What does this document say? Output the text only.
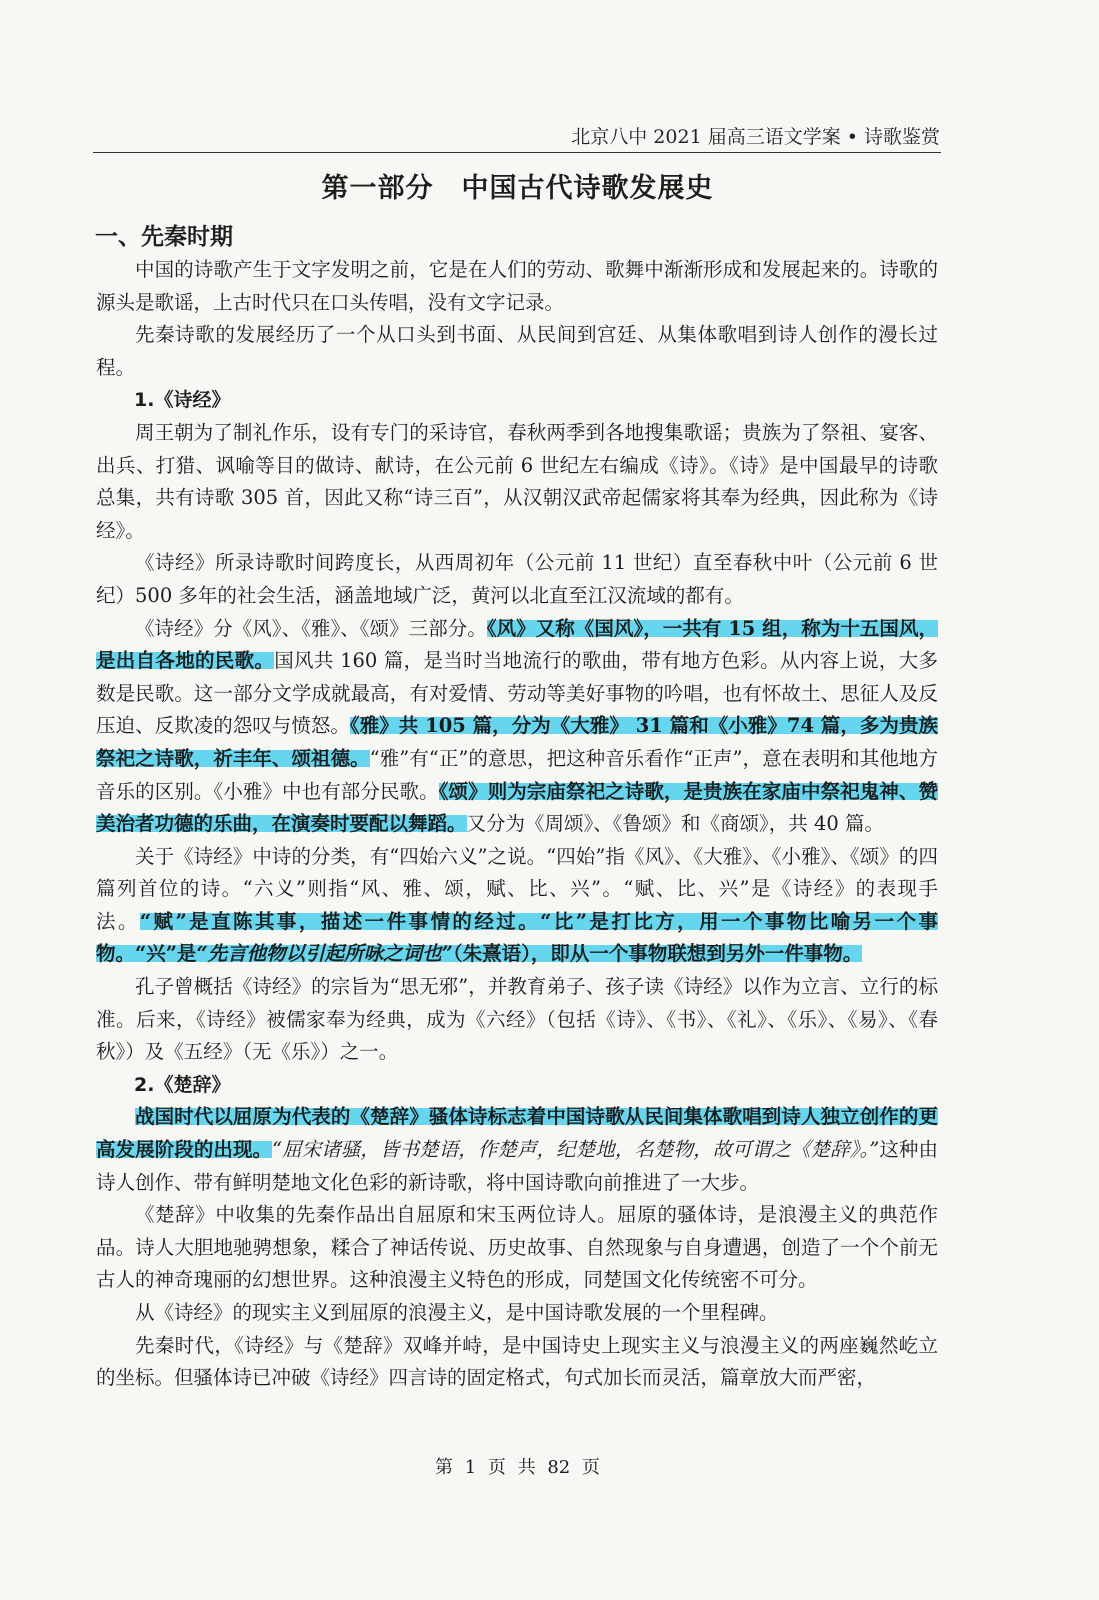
北京八中 2021 届高三语文学案 • 诗歌鉴赏
第一部分　中国古代诗歌发展史
一、先秦时期

中国的诗歌产生于文字发明之前，它是在人们的劳动、歌舞中渐渐形成和发展起来的。诗歌的源头是歌谣，上古时代只在口头传唱，没有文字记录。

先秦诗歌的发展经历了一个从口头到书面、从民间到宫廷、从集体歌唱到诗人创作的漫长过程。

1.《诗经》

周王朝为了制礼作乐，设有专门的采诗官，春秋两季到各地搜集歌谣；贵族为了祭祖、宴客、出兵、打猎、讽喻等目的做诗、献诗，在公元前 6 世纪左右编成《诗》。《诗》是中国最早的诗歌总集，共有诗歌 305 首，因此又称“诗三百”，从汉朝汉武帝起儒家将其奉为经典，因此称为《诗经》。

《诗经》所录诗歌时间跨度长，从西周初年（公元前 11 世纪）直至春秋中叶（公元前 6 世纪）500 多年的社会生活，涵盖地域广泛，黄河以北直至江汉流域的都有。

《诗经》分《风》、《雅》、《颂》三部分。《风》又称《国风》，一共有 15 组，称为十五国风，是出自各地的民歌。国风共 160 篇，是当时当地流行的歌曲，带有地方色彩。从内容上说，大多数是民歌。这一部分文学成就最高，有对爱情、劳动等美好事物的吟唱，也有怀故土、思征人及反压迫、反欺凌的怨叹与愤怒。《雅》共 105 篇，分为《大雅》 31 篇和《小雅》74 篇，多为贵族祭祀之诗歌，祈丰年、颂祖德。“雅”有“正”的意思，把这种音乐看作“正声”，意在表明和其他地方音乐的区别。《小雅》中也有部分民歌。《颂》则为宗庙祭祀之诗歌，是贵族在家庙中祭祀鬼神、赞美治者功德的乐曲，在演奏时要配以舞蹈。又分为《周颂》、《鲁颂》和《商颂》，共 40 篇。

关于《诗经》中诗的分类，有“四始六义”之说。“四始”指《风》、《大雅》、《小雅》、《颂》的四篇列首位的诗。“六义”则指“风、雅、颂，赋、比、兴”。“赋、比、兴”是《诗经》的表现手法。“赋”是直陈其事，描述一件事情的经过。“比”是打比方，用一个事物比喻另一个事物。“兴”是“先言他物以引起所咏之词也”（朱熹语），即从一个事物联想到另外一件事物。

孔子曾概括《诗经》的宗旨为“思无邪”，并教育弟子、孩子读《诗经》以作为立言、立行的标准。后来，《诗经》被儒家奉为经典，成为《六经》（包括《诗》、《书》、《礼》、《乐》、《易》、《春秋》）及《五经》（无《乐》）之一。

2.《楚辞》

战国时代以屈原为代表的《楚辞》骚体诗标志着中国诗歌从民间集体歌唱到诗人独立创作的更高发展阶段的出现。“屈宋诸骚，皆书楚语，作楚声，纪楚地，名楚物，故可谓之《楚辞》。”这种由诗人创作、带有鲜明楚地文化色彩的新诗歌，将中国诗歌向前推进了一大步。

《楚辞》中收集的先秦作品出自屈原和宋玉两位诗人。屈原的骚体诗，是浪漫主义的典范作品。诗人大胆地驰骋想象，糅合了神话传说、历史故事、自然现象与自身遭遇，创造了一个个前无古人的神奇瑰丽的幻想世界。这种浪漫主义特色的形成，同楚国文化传统密不可分。

从《诗经》的现实主义到屈原的浪漫主义，是中国诗歌发展的一个里程碑。

先秦时代，《诗经》与《楚辞》双峰并峙，是中国诗史上现实主义与浪漫主义的两座巍然屹立的坐标。但骚体诗已冲破《诗经》四言诗的固定格式，句式加长而灵活，篇章放大而严密，

第 1 页 共 82 页
